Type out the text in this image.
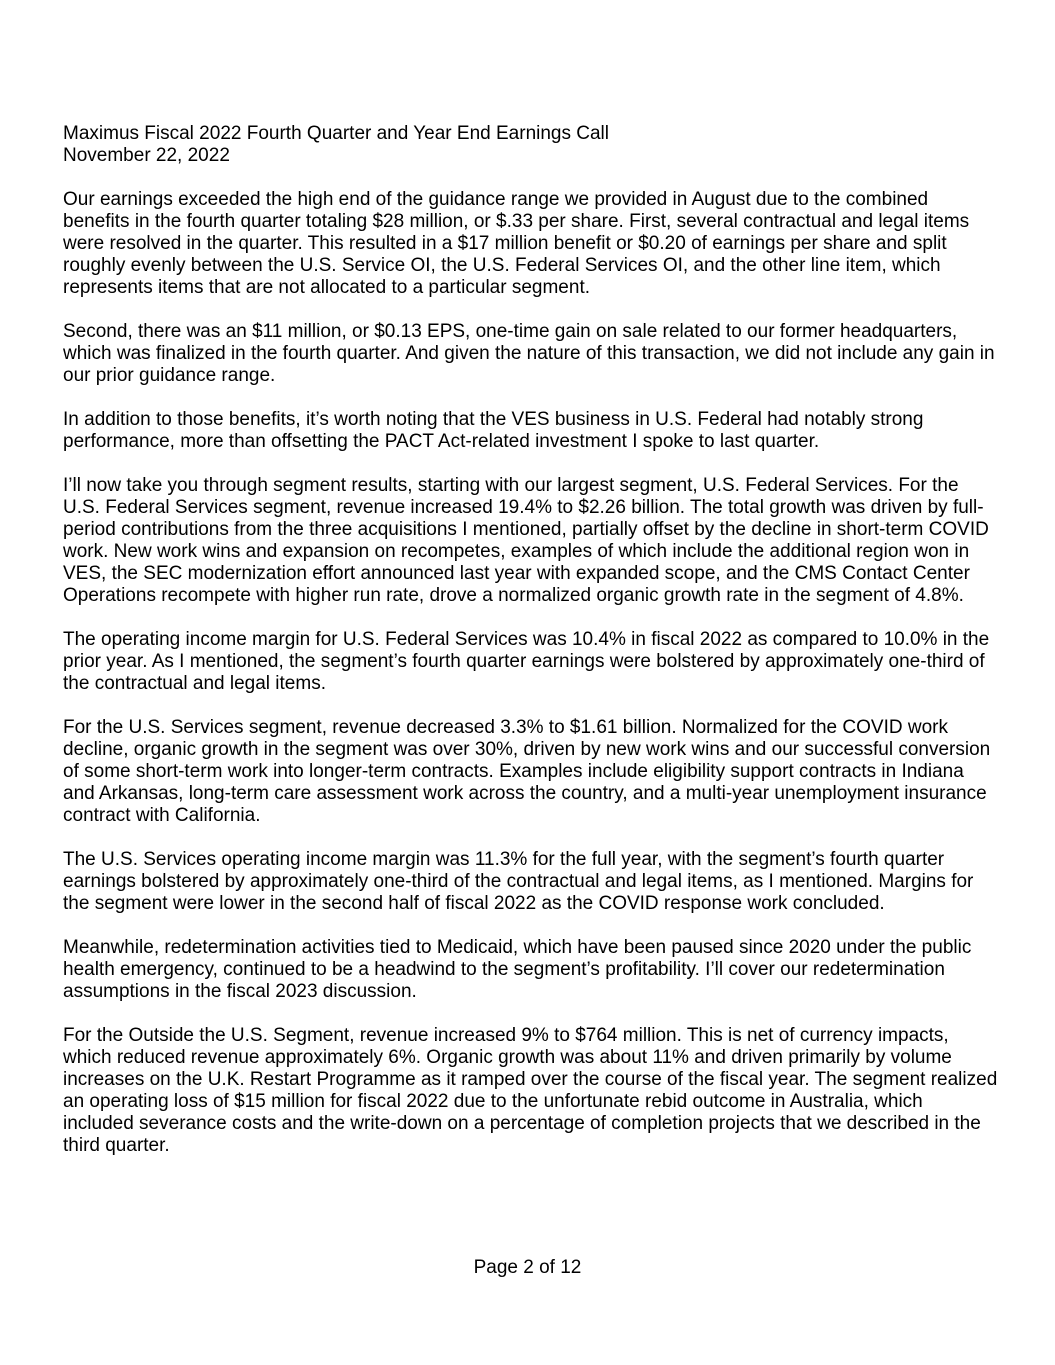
Maximus Fiscal 2022 Fourth Quarter and Year End Earnings Call
November 22, 2022

Our earnings exceeded the high end of the guidance range we provided in August due to the combined benefits in the fourth quarter totaling $28 million, or $.33 per share. First, several contractual and legal items were resolved in the quarter. This resulted in a $17 million benefit or $0.20 of earnings per share and split roughly evenly between the U.S. Service OI, the U.S. Federal Services OI, and the other line item, which represents items that are not allocated to a particular segment.

Second, there was an $11 million, or $0.13 EPS, one-time gain on sale related to our former headquarters, which was finalized in the fourth quarter. And given the nature of this transaction, we did not include any gain in our prior guidance range.

In addition to those benefits, it’s worth noting that the VES business in U.S. Federal had notably strong performance, more than offsetting the PACT Act-related investment I spoke to last quarter.

I’ll now take you through segment results, starting with our largest segment, U.S. Federal Services. For the U.S. Federal Services segment, revenue increased 19.4% to $2.26 billion. The total growth was driven by full-period contributions from the three acquisitions I mentioned, partially offset by the decline in short-term COVID work. New work wins and expansion on recompetes, examples of which include the additional region won in VES, the SEC modernization effort announced last year with expanded scope, and the CMS Contact Center Operations recompete with higher run rate, drove a normalized organic growth rate in the segment of 4.8%.

The operating income margin for U.S. Federal Services was 10.4% in fiscal 2022 as compared to 10.0% in the prior year. As I mentioned, the segment’s fourth quarter earnings were bolstered by approximately one-third of the contractual and legal items.

For the U.S. Services segment, revenue decreased 3.3% to $1.61 billion. Normalized for the COVID work decline, organic growth in the segment was over 30%, driven by new work wins and our successful conversion of some short-term work into longer-term contracts. Examples include eligibility support contracts in Indiana and Arkansas, long-term care assessment work across the country, and a multi-year unemployment insurance contract with California.

The U.S. Services operating income margin was 11.3% for the full year, with the segment’s fourth quarter earnings bolstered by approximately one-third of the contractual and legal items, as I mentioned. Margins for the segment were lower in the second half of fiscal 2022 as the COVID response work concluded.

Meanwhile, redetermination activities tied to Medicaid, which have been paused since 2020 under the public health emergency, continued to be a headwind to the segment’s profitability. I’ll cover our redetermination assumptions in the fiscal 2023 discussion.

For the Outside the U.S. Segment, revenue increased 9% to $764 million. This is net of currency impacts, which reduced revenue approximately 6%. Organic growth was about 11% and driven primarily by volume increases on the U.K. Restart Programme as it ramped over the course of the fiscal year. The segment realized an operating loss of $15 million for fiscal 2022 due to the unfortunate rebid outcome in Australia, which included severance costs and the write-down on a percentage of completion projects that we described in the third quarter.

Page 2 of 12
